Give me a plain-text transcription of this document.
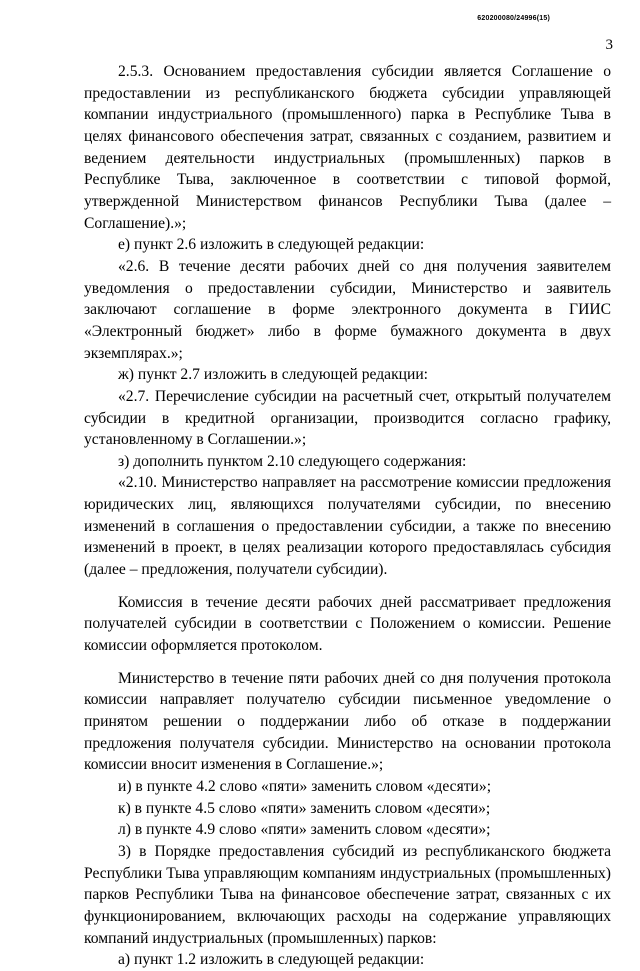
620200080/24996(15)
3

2.5.3. Основанием предоставления субсидии является Соглашение о предоставлении из республиканского бюджета субсидии управляющей компании индустриального (промышленного) парка в Республике Тыва в целях финансового обеспечения затрат, связанных с созданием, развитием и ведением деятельности индустриальных (промышленных) парков в Республике Тыва, заключенное в соответствии с типовой формой, утвержденной Министерством финансов Республики Тыва (далее – Соглашение).»;

е) пункт 2.6 изложить в следующей редакции:

«2.6. В течение десяти рабочих дней со дня получения заявителем уведомления о предоставлении субсидии, Министерство и заявитель заключают соглашение в форме электронного документа в ГИИС «Электронный бюджет» либо в форме бумажного документа в двух экземплярах.»;

ж) пункт 2.7 изложить в следующей редакции:

«2.7. Перечисление субсидии на расчетный счет, открытый получателем субсидии в кредитной организации, производится согласно графику, установленному в Соглашении.»;

з) дополнить пунктом 2.10 следующего содержания:

«2.10. Министерство направляет на рассмотрение комиссии предложения юридических лиц, являющихся получателями субсидии, по внесению изменений в соглашения о предоставлении субсидии, а также по внесению изменений в проект, в целях реализации которого предоставлялась субсидия (далее – предложения, получатели субсидии).

Комиссия в течение десяти рабочих дней рассматривает предложения получателей субсидии в соответствии с Положением о комиссии. Решение комиссии оформляется протоколом.

Министерство в течение пяти рабочих дней со дня получения протокола комиссии направляет получателю субсидии письменное уведомление о принятом решении о поддержании либо об отказе в поддержании предложения получателя субсидии. Министерство на основании протокола комиссии вносит изменения в Соглашение.»;

и) в пункте 4.2 слово «пяти» заменить словом «десяти»;

к) в пункте 4.5 слово «пяти» заменить словом «десяти»;

л) в пункте 4.9 слово «пяти» заменить словом «десяти»;

3) в Порядке предоставления субсидий из республиканского бюджета Республики Тыва управляющим компаниям индустриальных (промышленных) парков Республики Тыва на финансовое обеспечение затрат, связанных с их функционированием, включающих расходы на содержание управляющих компаний индустриальных (промышленных) парков:

а) пункт 1.2 изложить в следующей редакции:
